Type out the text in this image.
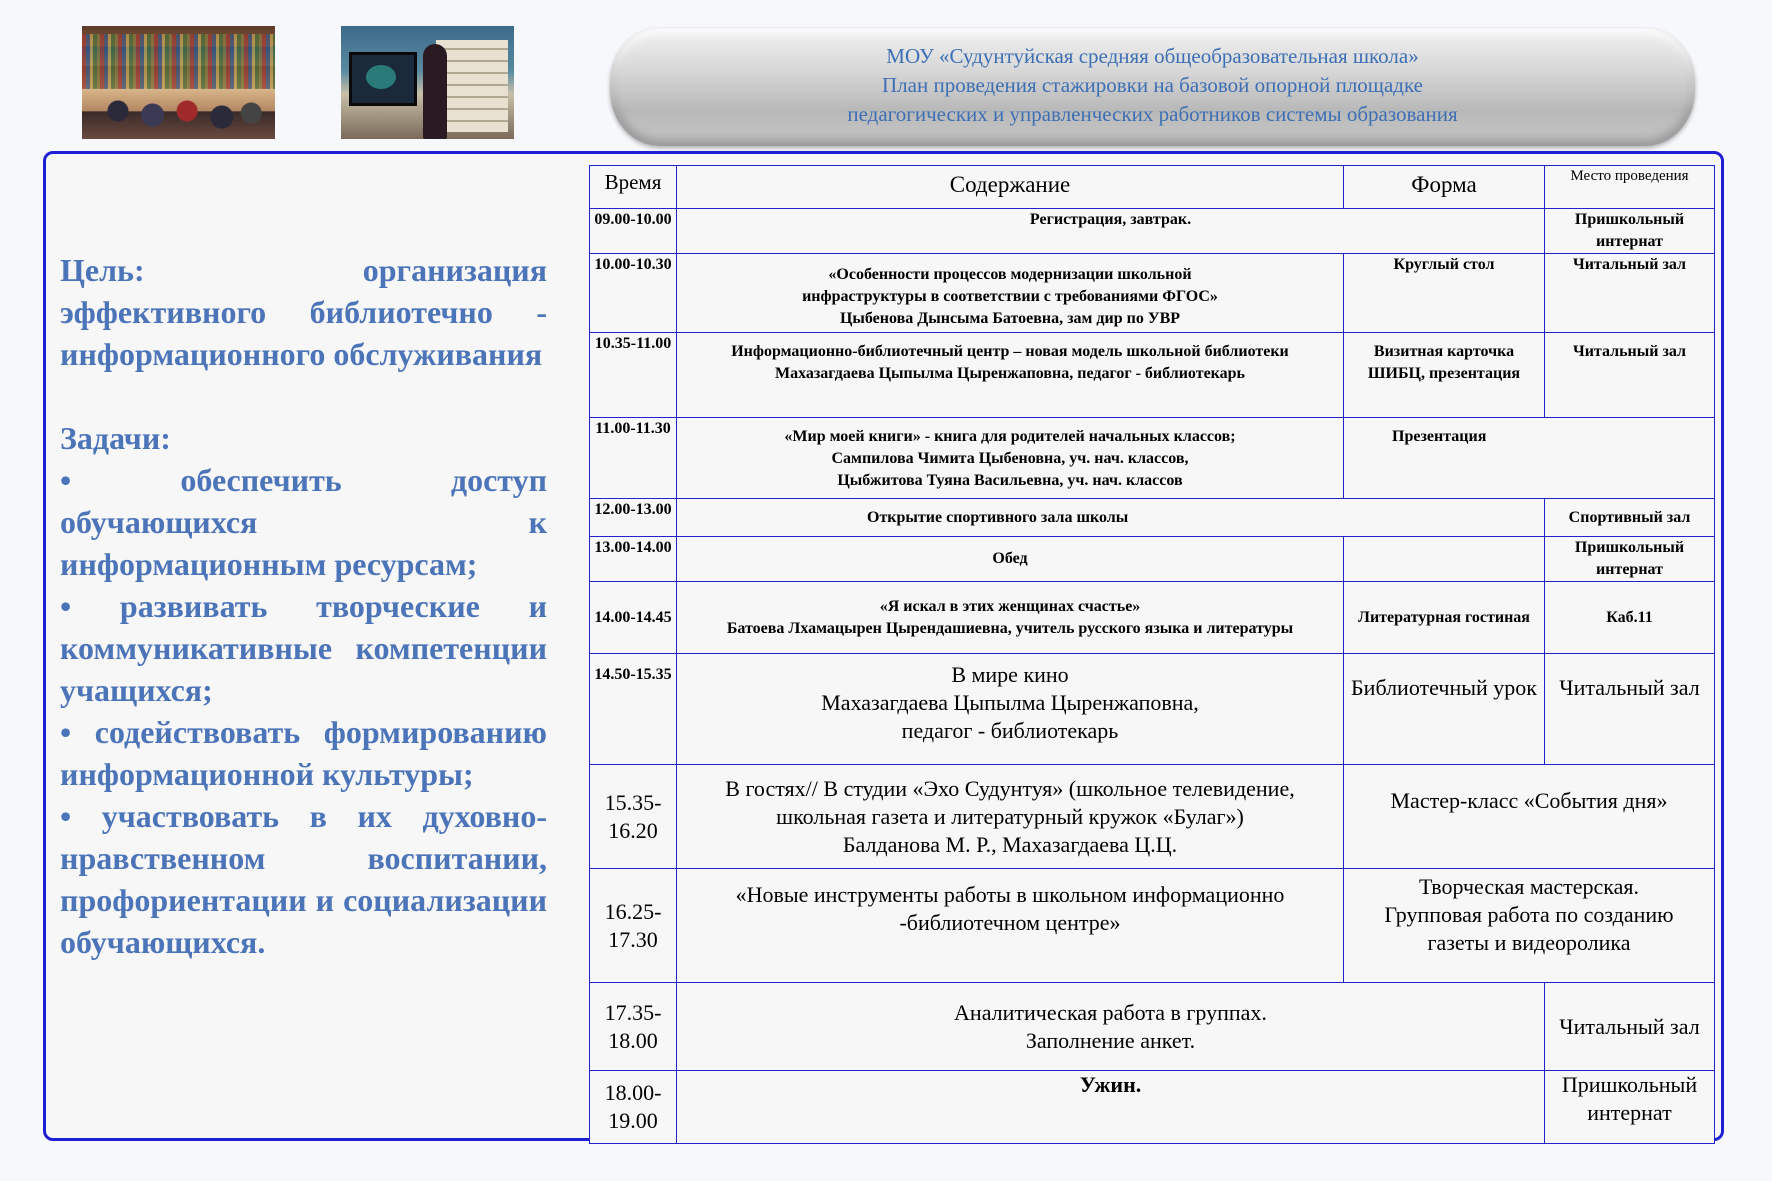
МОУ «Судунтуйская средняя общеобразовательная школа»
План проведения стажировки на базовой опорной площадке
педагогических и управленческих работников системы образования

Цель: организация эффективного библиотечно - информационного обслуживания

Задачи:

• обеспечить доступ обучающихся к информационным ресурсам;

• развивать творческие и коммуникативные компетенции учащихся;

• содействовать формированию информационной культуры;

• участвовать в их духовно-нравственном воспитании, профориентации и социализации обучающихся.

Время	Содержание	Форма	Место проведения
09.00-10.00	Регистрация, завтрак.		Пришкольный интернат
10.00-10.30	«Особенности процессов модернизации школьной
инфраструктуры в соответствии с требованиями ФГОС»
Цыбенова Дынсыма Батоевна, зам дир по УВР	Круглый стол	Читальный зал
10.35-11.00	Информационно-библиотечный центр – новая модель школьной библиотеки
Махазагдаева Цыпылма Цыренжаповна, педагог - библиотекарь	Визитная карточка ШИБЦ, презентация	Читальный зал
11.00-11.30	«Мир моей книги» - книга для родителей начальных классов;
Сампилова Чимита Цыбеновна, уч. нач. классов,
Цыбжитова Туяна Васильевна, уч. нач. классов	Презентация	
12.00-13.00	Открытие спортивного зала школы		Спортивный зал
13.00-14.00	Обед		Пришкольный интернат
14.00-14.45	«Я искал в этих женщинах счастье»
Батоева Лхамацырен Цырендашиевна, учитель русского языка и литературы	Литературная гостиная	Каб.11
14.50-15.35	В мире кино
Махазагдаева Цыпылма Цыренжаповна,
педагог - библиотекарь	Библиотечный урок	Читальный зал
15.35-16.20	В гостях// В студии «Эхо Судунтуя» (школьное телевидение,
школьная газета и литературный кружок «Булаг»)
Балданова М. Р., Махазагдаева Ц.Ц.	Мастер-класс «События дня»	
16.25-17.30	«Новые инструменты работы в школьном информационно -библиотечном центре»	Творческая мастерская.
Групповая работа по созданию
газеты и видеоролика	

17.35-18.00	Аналитическая работа в группах.
Заполнение анкет.		Читальный зал
18.00-19.00	Ужин.		Пришкольный интернат
